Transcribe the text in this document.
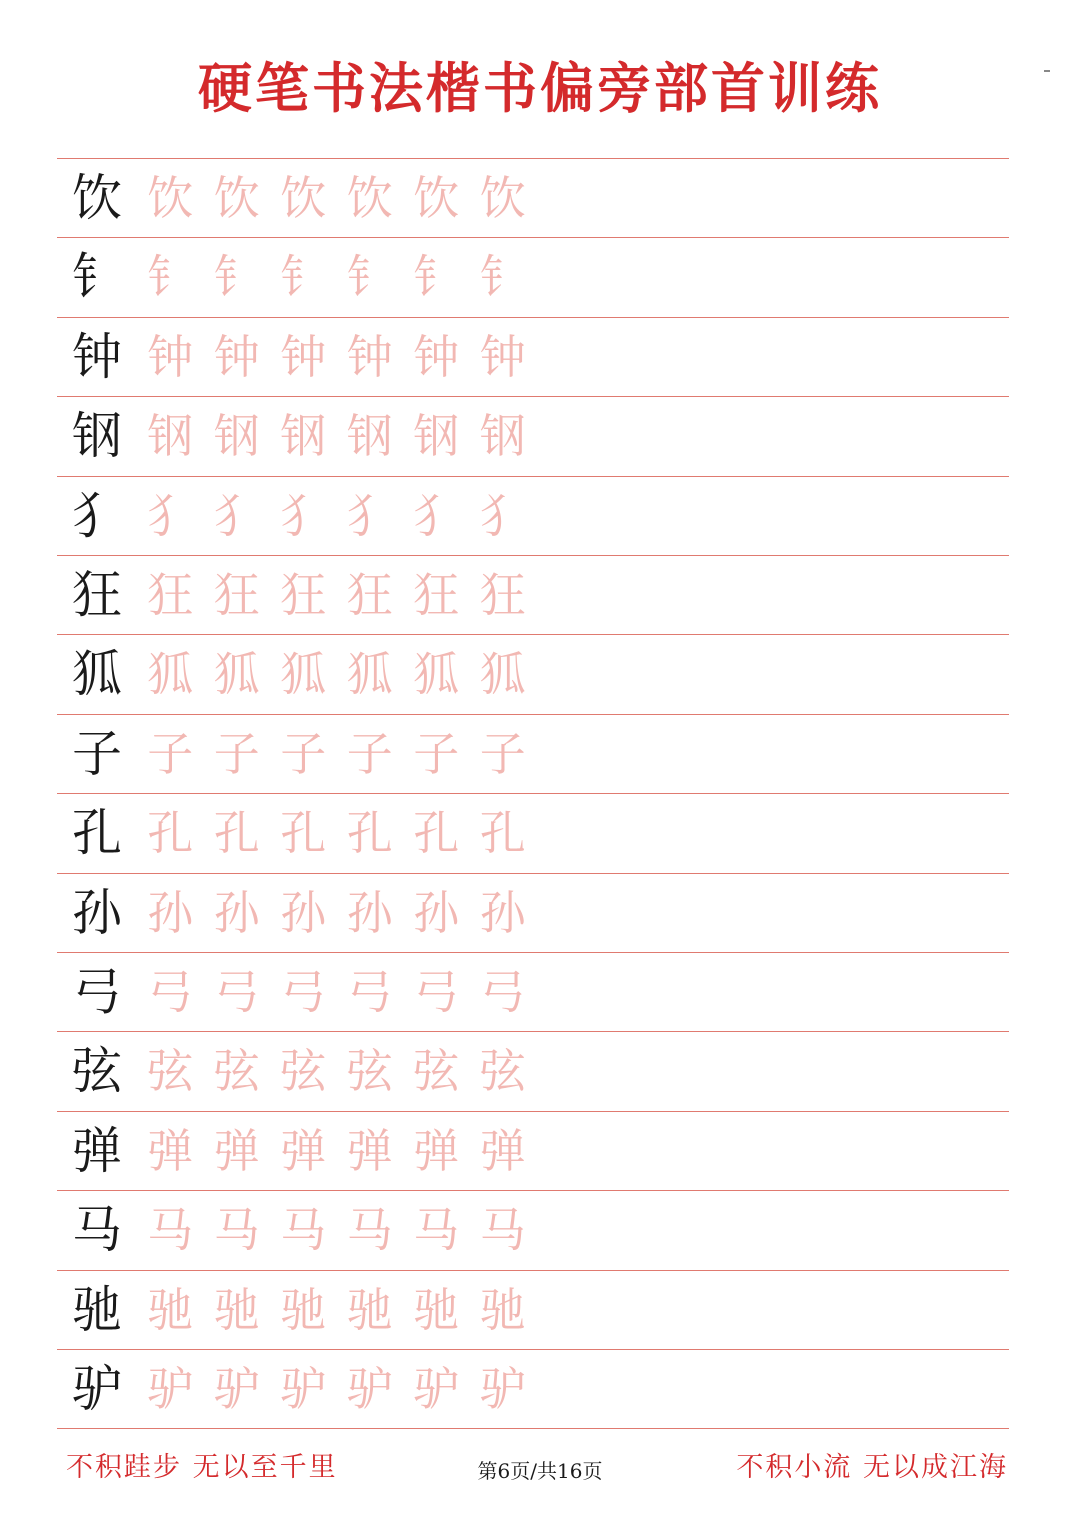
硬笔书法楷书偏旁部首训练
饮 饮 饮 饮 饮 饮 饮
钅 钅 钅 钅 钅 钅 钅
钟 钟 钟 钟 钟 钟 钟
钢 钢 钢 钢 钢 钢 钢
犭 犭 犭 犭 犭 犭 犭
狂 狂 狂 狂 狂 狂 狂
狐 狐 狐 狐 狐 狐 狐
子 子 子 子 子 子 子
孔 孔 孔 孔 孔 孔 孔
孙 孙 孙 孙 孙 孙 孙
弓 弓 弓 弓 弓 弓 弓
弦 弦 弦 弦 弦 弦 弦
弹 弹 弹 弹 弹 弹 弹
马 马 马 马 马 马 马
驰 驰 驰 驰 驰 驰 驰
驴 驴 驴 驴 驴 驴 驴
不积跬步 无以至千里	第6页/共16页	不积小流 无以成江海
